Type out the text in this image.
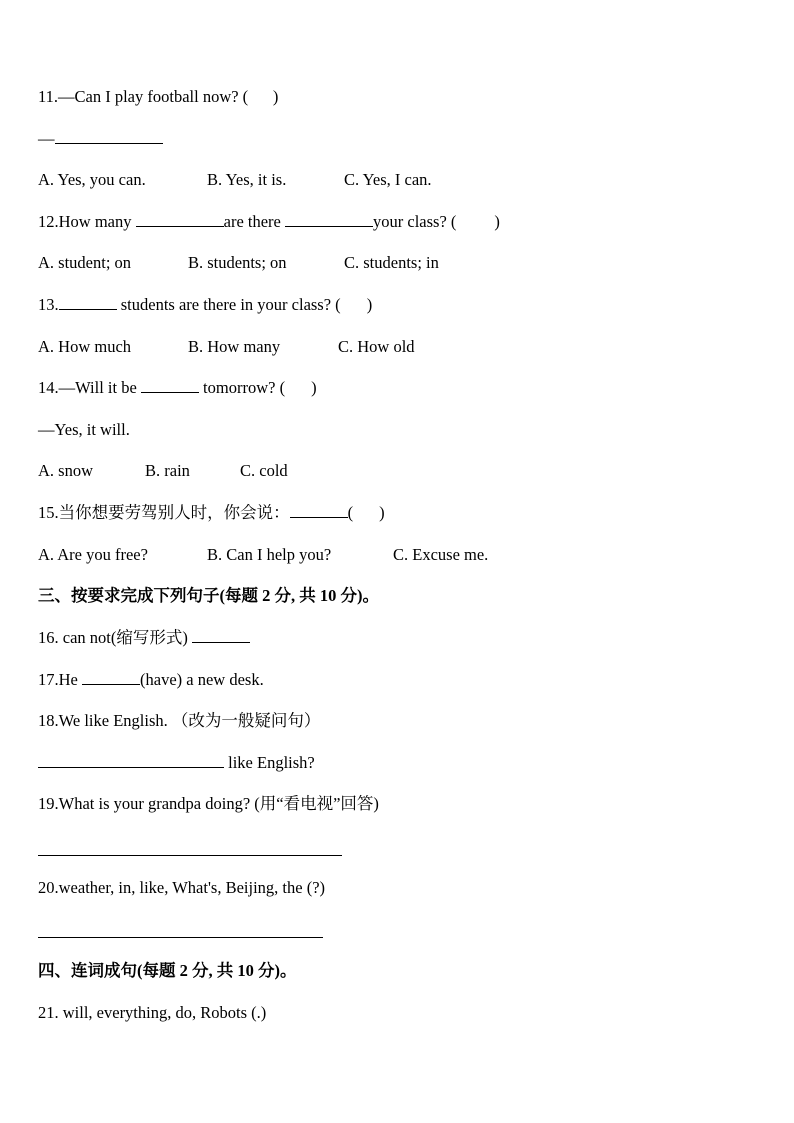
11.—Can I play football now? (      )
—
A. Yes, you can.	B. Yes, it is.	C. Yes, I can.
12.How many	are there	your class? ( )
A. student; on	B. students; on	C. students; in
13.	students are there in your class? ( )
A. How much	B. How many	C. How old
14.—Will it be	tomorrow? ( )
—Yes, it will.
A. snow	B. rain	C. cold
15.当你想要劳驾别人时，你会说：	( )
A. Are you free?	B. Can I help you?	C. Excuse me.
三、按要求完成下列句子(每题 2 分, 共 10 分)。
16. can not(缩写形式)
17.He	(have) a new desk.
18.We like English. （改为一般疑问句）
like English?
19.What is your grandpa doing? (用“看电视”回答)
20.weather, in, like, What's, Beijing, the (?)
四、连词成句(每题 2 分, 共 10 分)。
21. will, everything, do, Robots (.)
